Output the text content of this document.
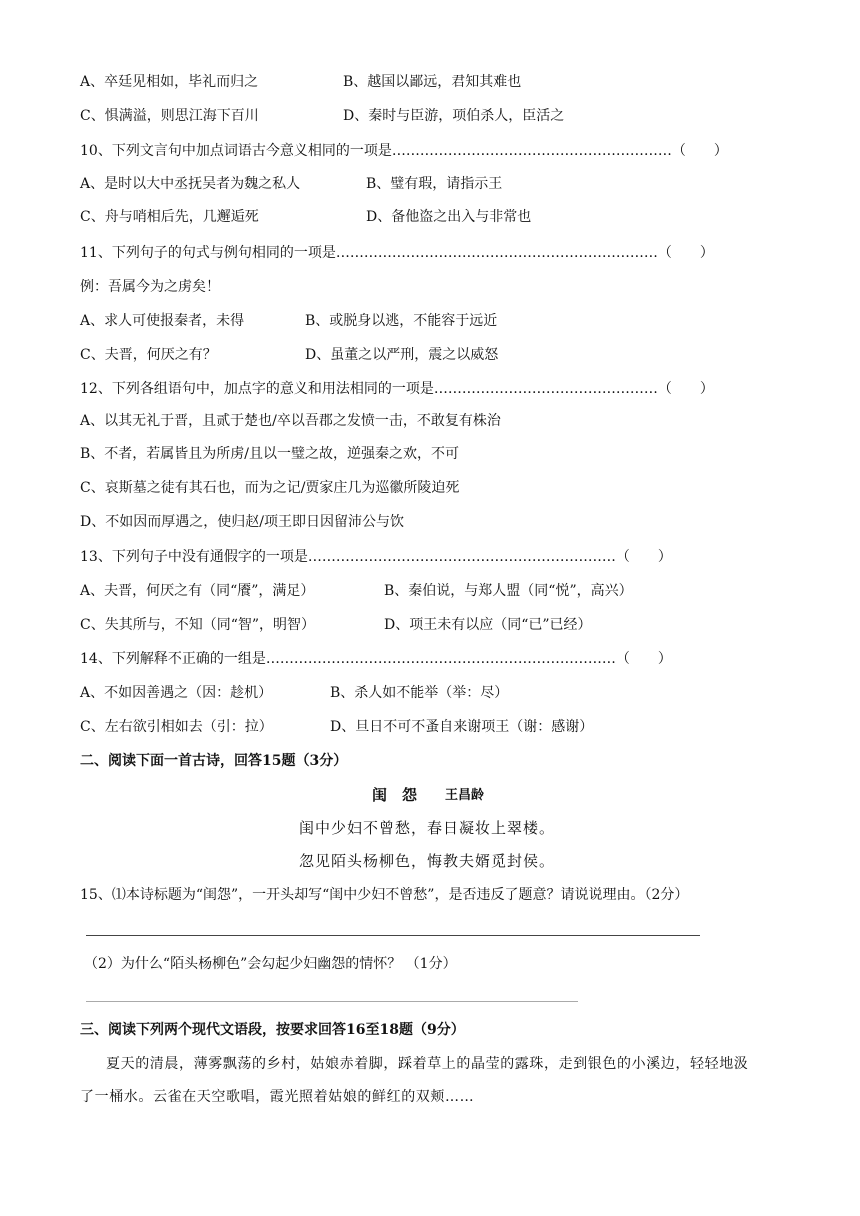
A、卒廷见相如，毕礼而归之	B、越国以鄙远，君知其难也
C、惧满溢，则思江海下百川	D、秦时与臣游，项伯杀人，臣活之
10、下列文言句中加点词语古今意义相同的一项是……………………………………………………（　　）
A、是时以大中丞抚吴者为魏之私人	B、璧有瑕，请指示王
C、舟与哨相后先，几邂逅死	D、备他盗之出入与非常也
11、下列句子的句式与例句相同的一项是……………………………………………………………（　　）
例：吾属今为之虏矣！
A、求人可使报秦者，未得	B、或脱身以逃，不能容于远近
C、夫晋，何厌之有？	D、虽董之以严刑，震之以威怒
12、下列各组语句中，加点字的意义和用法相同的一项是…………………………………………（　　）
A、以其无礼于晋，且贰于楚也/卒以吾郡之发愤一击，不敢复有株治
B、不者，若属皆且为所虏/且以一璧之故，逆强秦之欢，不可
C、哀斯墓之徒有其石也，而为之记/贾家庄几为巡徽所陵迫死
D、不如因而厚遇之，使归赵/项王即日因留沛公与饮
13、下列句子中没有通假字的一项是…………………………………………………………（　　）
A、夫晋，何厌之有（同“餍”，满足）	B、秦伯说，与郑人盟（同“悦”，高兴）
C、失其所与，不知（同“智”，明智）	D、项王未有以应（同“已”已经）
14、下列解释不正确的一组是…………………………………………………………………（　　）
A、不如因善遇之（因：趁机）	B、杀人如不能举（举：尽）
C、左右欲引相如去（引：拉）	D、旦日不可不蚤自来谢项王（谢：感谢）
二、阅读下面一首古诗，回答15题（3分）
闺　怨 王昌龄
闺中少妇不曾愁，春日凝妆上翠楼。
忽见陌头杨柳色，悔教夫婿觅封侯。
15、⑴本诗标题为“闺怨”，一开头却写“闺中少妇不曾愁”，是否违反了题意？请说说理由。（2分）
（2）为什么“陌头杨柳色”会勾起少妇幽怨的情怀？ （1分）
三、阅读下列两个现代文语段，按要求回答16至18题（9分）
夏天的清晨，薄雾飘荡的乡村，姑娘赤着脚，踩着草上的晶莹的露珠，走到银色的小溪边，轻轻地汲
了一桶水。云雀在天空歌唱，霞光照着姑娘的鲜红的双颊……
